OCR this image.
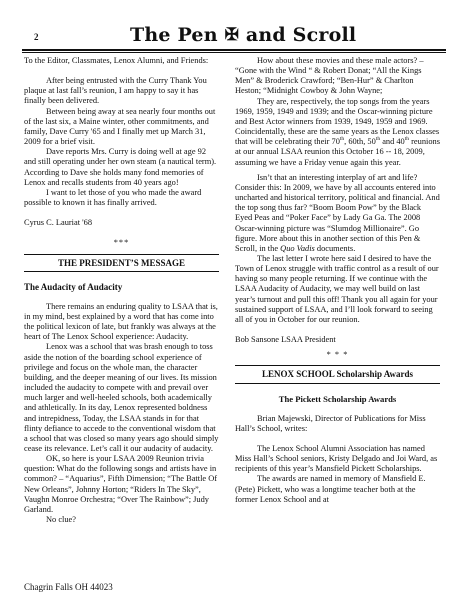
2	The Pen ✠ and Scroll

To the Editor, Classmates, Lenox Alumni, and Friends:

After being entrusted with the Curry Thank You plaque at last fall’s reunion, I am happy to say it has finally been delivered.

Between being away at sea nearly four months out of the last six, a Maine winter, other commitments, and family, Dave Curry '65 and I finally met up March 31, 2009 for a brief visit.

Dave reports Mrs. Curry is doing well at age 92 and still operating under her own steam (a nautical term). According to Dave she holds many fond memories of Lenox and recalls students from 40 years ago!

I want to let those of you who made the award possible to known it has finally arrived.

Cyrus C. Lauriat '68

***

THE PRESIDENT’S MESSAGE

The Audacity of Audacity

There remains an enduring quality to LSAA that is, in my mind, best explained by a word that has come into the political lexicon of late, but frankly was always at the heart of The Lenox School experience: Audacity.

Lenox was a school that was brash enough to toss aside the notion of the boarding school experience of privilege and focus on the whole man, the character building, and the deeper meaning of our lives. Its mission included the audacity to compete with and prevail over much larger and well-heeled schools, both academically and athletically. In its day, Lenox represented boldness and intrepidness, Today, the LSAA stands in for that flinty defiance to accede to the conventional wisdom that a school that was closed so many years ago should simply cease its relevance. Let’s call it our audacity of audacity.

OK, so here is your LSAA 2009 Reunion trivia question: What do the following songs and artists have in common? – “Aquarius”, Fifth Dimension; “The Battle Of New Orleans”, Johnny Horton; “Riders In The Sky”, Vaughn Monroe Orchestra; “Over The Rainbow”; Judy Garland.

No clue?

How about these movies and these male actors? – “Gone with the Wind “ & Robert Donat; “All the Kings Men” & Broderick Crawford; “Ben-Hur” & Charlton Heston; “Midnight Cowboy & John Wayne;

They are, respectively, the top songs from the years 1969, 1959, 1949 and 1939; and the Oscar-winning picture and Best Actor winners from 1939, 1949, 1959 and 1969. Coincidentally, these are the same years as the Lenox classes that will be celebrating their 70th, 60th, 50th and 40th reunions at our annual LSAA reunion this October 16 -- 18, 2009, assuming we have a Friday venue again this year.

Isn’t that an interesting interplay of art and life? Consider this: In 2009, we have by all accounts entered into uncharted and historical territory, political and financial. And the top song thus far? “Boom Boom Pow” by the Black Eyed Peas and “Poker Face” by Lady Ga Ga. The 2008 Oscar-winning picture was “Slumdog Millionaire”. Go figure. More about this in another section of this Pen & Scroll, in the Quo Vadis documents.

The last letter I wrote here said I desired to have the Town of Lenox struggle with traffic control as a result of our having so many people returning. If we continue with the LSAA Audacity of Audacity, we may well build on last year’s turnout and pull this off! Thank you all again for your sustained support of LSAA, and I’ll look forward to seeing all of you in October for our reunion.

Bob Sansone LSAA President

* * *

LENOX SCHOOL Scholarship Awards

The Pickett Scholarship Awards

Brian Majewski, Director of Publications for Miss Hall’s School, writes:

The Lenox School Alumni Association has named Miss Hall’s School seniors, Kristy Delgado and Joi Ward, as recipients of this year’s Mansfield Pickett Scholarships.

The awards are named in memory of Mansfield E. (Pete) Pickett, who was a longtime teacher both at the former Lenox School and at

Chagrin Falls OH 44023
